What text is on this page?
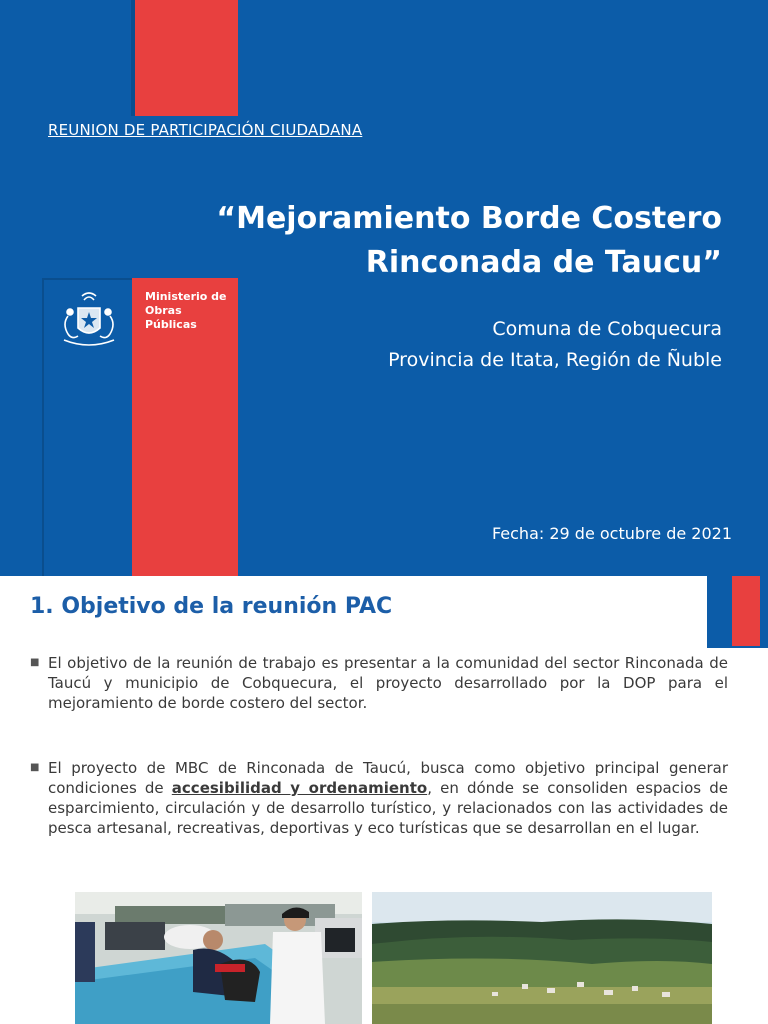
REUNION DE PARTICIPACIÓN CIUDADANA
“Mejoramiento Borde Costero
Rinconada de Taucu”
Comuna de Cobquecura
Provincia de Itata, Región de Ñuble
Fecha: 29 de octubre de 2021
Ministerio de
Obras Públicas
1. Objetivo de la reunión PAC
■ El objetivo de la reunión de trabajo es presentar a la comunidad del sector Rinconada de Taucú y municipio de Cobquecura, el proyecto desarrollado por la DOP para el mejoramiento de borde costero del sector.
■ El proyecto de MBC de Rinconada de Taucú, busca como objetivo principal generar condiciones de accesibilidad y ordenamiento, en dónde se consoliden espacios de esparcimiento, circulación y de desarrollo turístico, y relacionados con las actividades de pesca artesanal, recreativas, deportivas y eco turísticas que se desarrollan en el lugar.
